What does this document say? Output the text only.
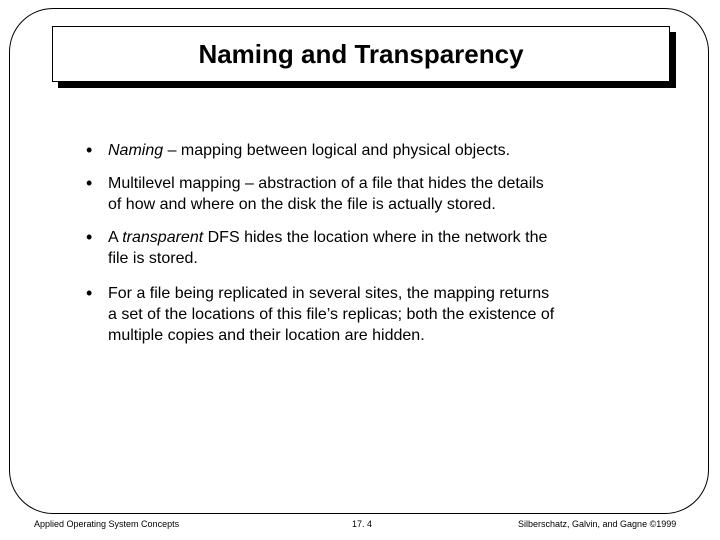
Naming and Transparency
• Naming – mapping between logical and physical objects.
• Multilevel mapping – abstraction of a file that hides the details
of how and where on the disk the file is actually stored.
• A transparent DFS hides the location where in the network the
file is stored.
• For a file being replicated in several sites, the mapping returns
a set of the locations of this file’s replicas; both the existence of
multiple copies and their location are hidden.
Applied Operating System Concepts	17. 4	Silberschatz, Galvin, and Gagne ©1999
